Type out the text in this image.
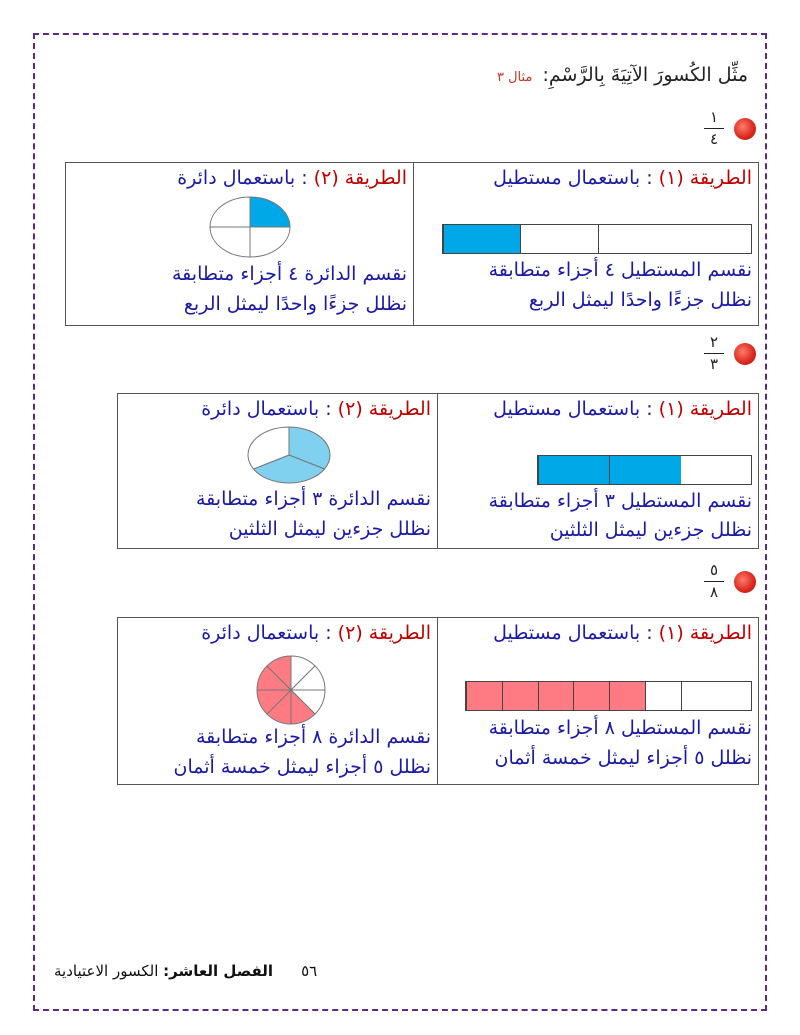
مثِّل الكُسورَ الآتِيَةَ بِالرَّسْمِ: مثال ٣
$\frac{١}{٤}$
الطريقة (١) : باستعمال مستطيل
نقسم المستطيل ٤ أجزاء متطابقة
نظلل جزءًا واحدًا ليمثل الربع
الطريقة (٢) : باستعمال دائرة
نقسم الدائرة ٤ أجزاء متطابقة
نظلل جزءًا واحدًا ليمثل الربع
$\frac{٢}{٣}$
الطريقة (١) : باستعمال مستطيل
نقسم المستطيل ٣ أجزاء متطابقة
نظلل جزءين ليمثل الثلثين
الطريقة (٢) : باستعمال دائرة
نقسم الدائرة ٣ أجزاء متطابقة
نظلل جزءين ليمثل الثلثين
$\frac{٥}{٨}$
الطريقة (١) : باستعمال مستطيل
نقسم المستطيل ٨ أجزاء متطابقة
نظلل ٥ أجزاء ليمثل خمسة أثمان
الطريقة (٢) : باستعمال دائرة
نقسم الدائرة ٨ أجزاء متطابقة
نظلل ٥ أجزاء ليمثل خمسة أثمان
٥٦
الفصل العاشر: الكسور الاعتيادية
